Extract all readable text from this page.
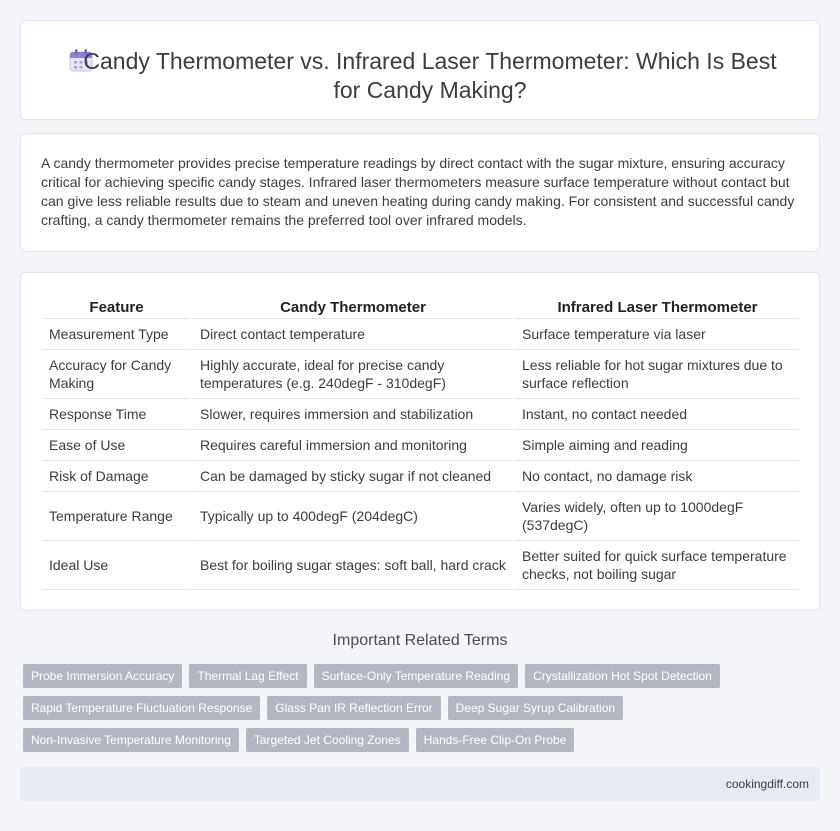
Candy Thermometer vs. Infrared Laser Thermometer: Which Is Best for Candy Making?

A candy thermometer provides precise temperature readings by direct contact with the sugar mixture, ensuring accuracy critical for achieving specific candy stages. Infrared laser thermometers measure surface temperature without contact but can give less reliable results due to steam and uneven heating during candy making. For consistent and successful candy crafting, a candy thermometer remains the preferred tool over infrared models.

Feature	Candy Thermometer	Infrared Laser Thermometer
Measurement Type	Direct contact temperature	Surface temperature via laser
Accuracy for Candy Making	Highly accurate, ideal for precise candy temperatures (e.g. 240degF - 310degF)	Less reliable for hot sugar mixtures due to surface reflection
Response Time	Slower, requires immersion and stabilization	Instant, no contact needed
Ease of Use	Requires careful immersion and monitoring	Simple aiming and reading
Risk of Damage	Can be damaged by sticky sugar if not cleaned	No contact, no damage risk
Temperature Range	Typically up to 400degF (204degC)	Varies widely, often up to 1000degF (537degC)
Ideal Use	Best for boiling sugar stages: soft ball, hard crack	Better suited for quick surface temperature checks, not boiling sugar
Important Related Terms
Probe Immersion Accuracy	Thermal Lag Effect	Surface-Only Temperature Reading	Crystallization Hot Spot Detection
Rapid Temperature Fluctuation Response	Glass Pan IR Reflection Error	Deep Sugar Syrup Calibration
Non-Invasive Temperature Monitoring	Targeted Jet Cooling Zones	Hands-Free Clip-On Probe
cookingdiff.com
